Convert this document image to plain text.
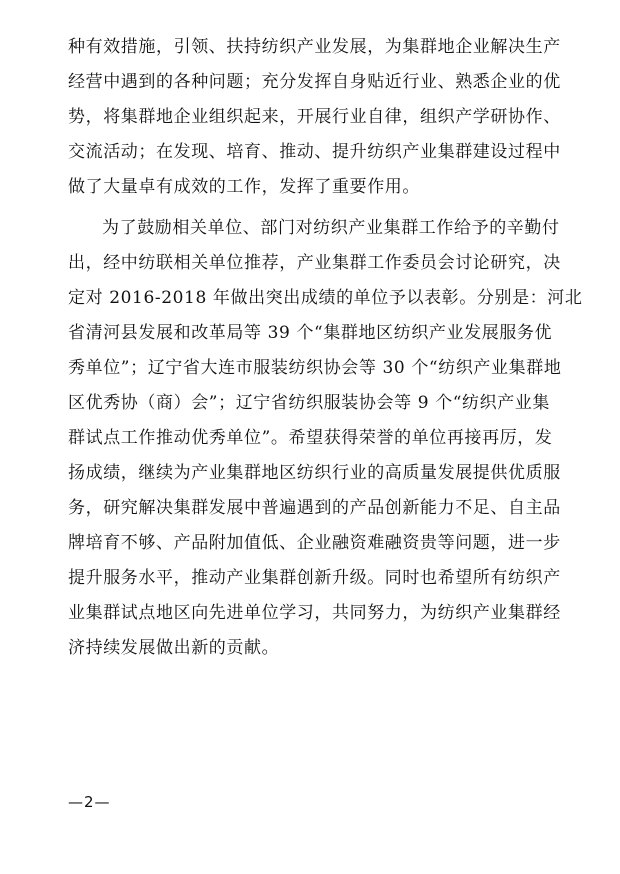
种有效措施，引领、扶持纺织产业发展，为集群地企业解决生产
经营中遇到的各种问题；充分发挥自身贴近行业、熟悉企业的优
势，将集群地企业组织起来，开展行业自律，组织产学研协作、
交流活动；在发现、培育、推动、提升纺织产业集群建设过程中
做了大量卓有成效的工作，发挥了重要作用。
为了鼓励相关单位、部门对纺织产业集群工作给予的辛勤付
出，经中纺联相关单位推荐，产业集群工作委员会讨论研究，决
定对 2016-2018 年做出突出成绩的单位予以表彰。分别是：河北
省清河县发展和改革局等 39 个“集群地区纺织产业发展服务优
秀单位”；辽宁省大连市服装纺织协会等 30 个“纺织产业集群地
区优秀协（商）会”；辽宁省纺织服装协会等 9 个“纺织产业集
群试点工作推动优秀单位”。希望获得荣誉的单位再接再厉，发
扬成绩，继续为产业集群地区纺织行业的高质量发展提供优质服
务，研究解决集群发展中普遍遇到的产品创新能力不足、自主品
牌培育不够、产品附加值低、企业融资难融资贵等问题，进一步
提升服务水平，推动产业集群创新升级。同时也希望所有纺织产
业集群试点地区向先进单位学习，共同努力，为纺织产业集群经
济持续发展做出新的贡献。
—2—
